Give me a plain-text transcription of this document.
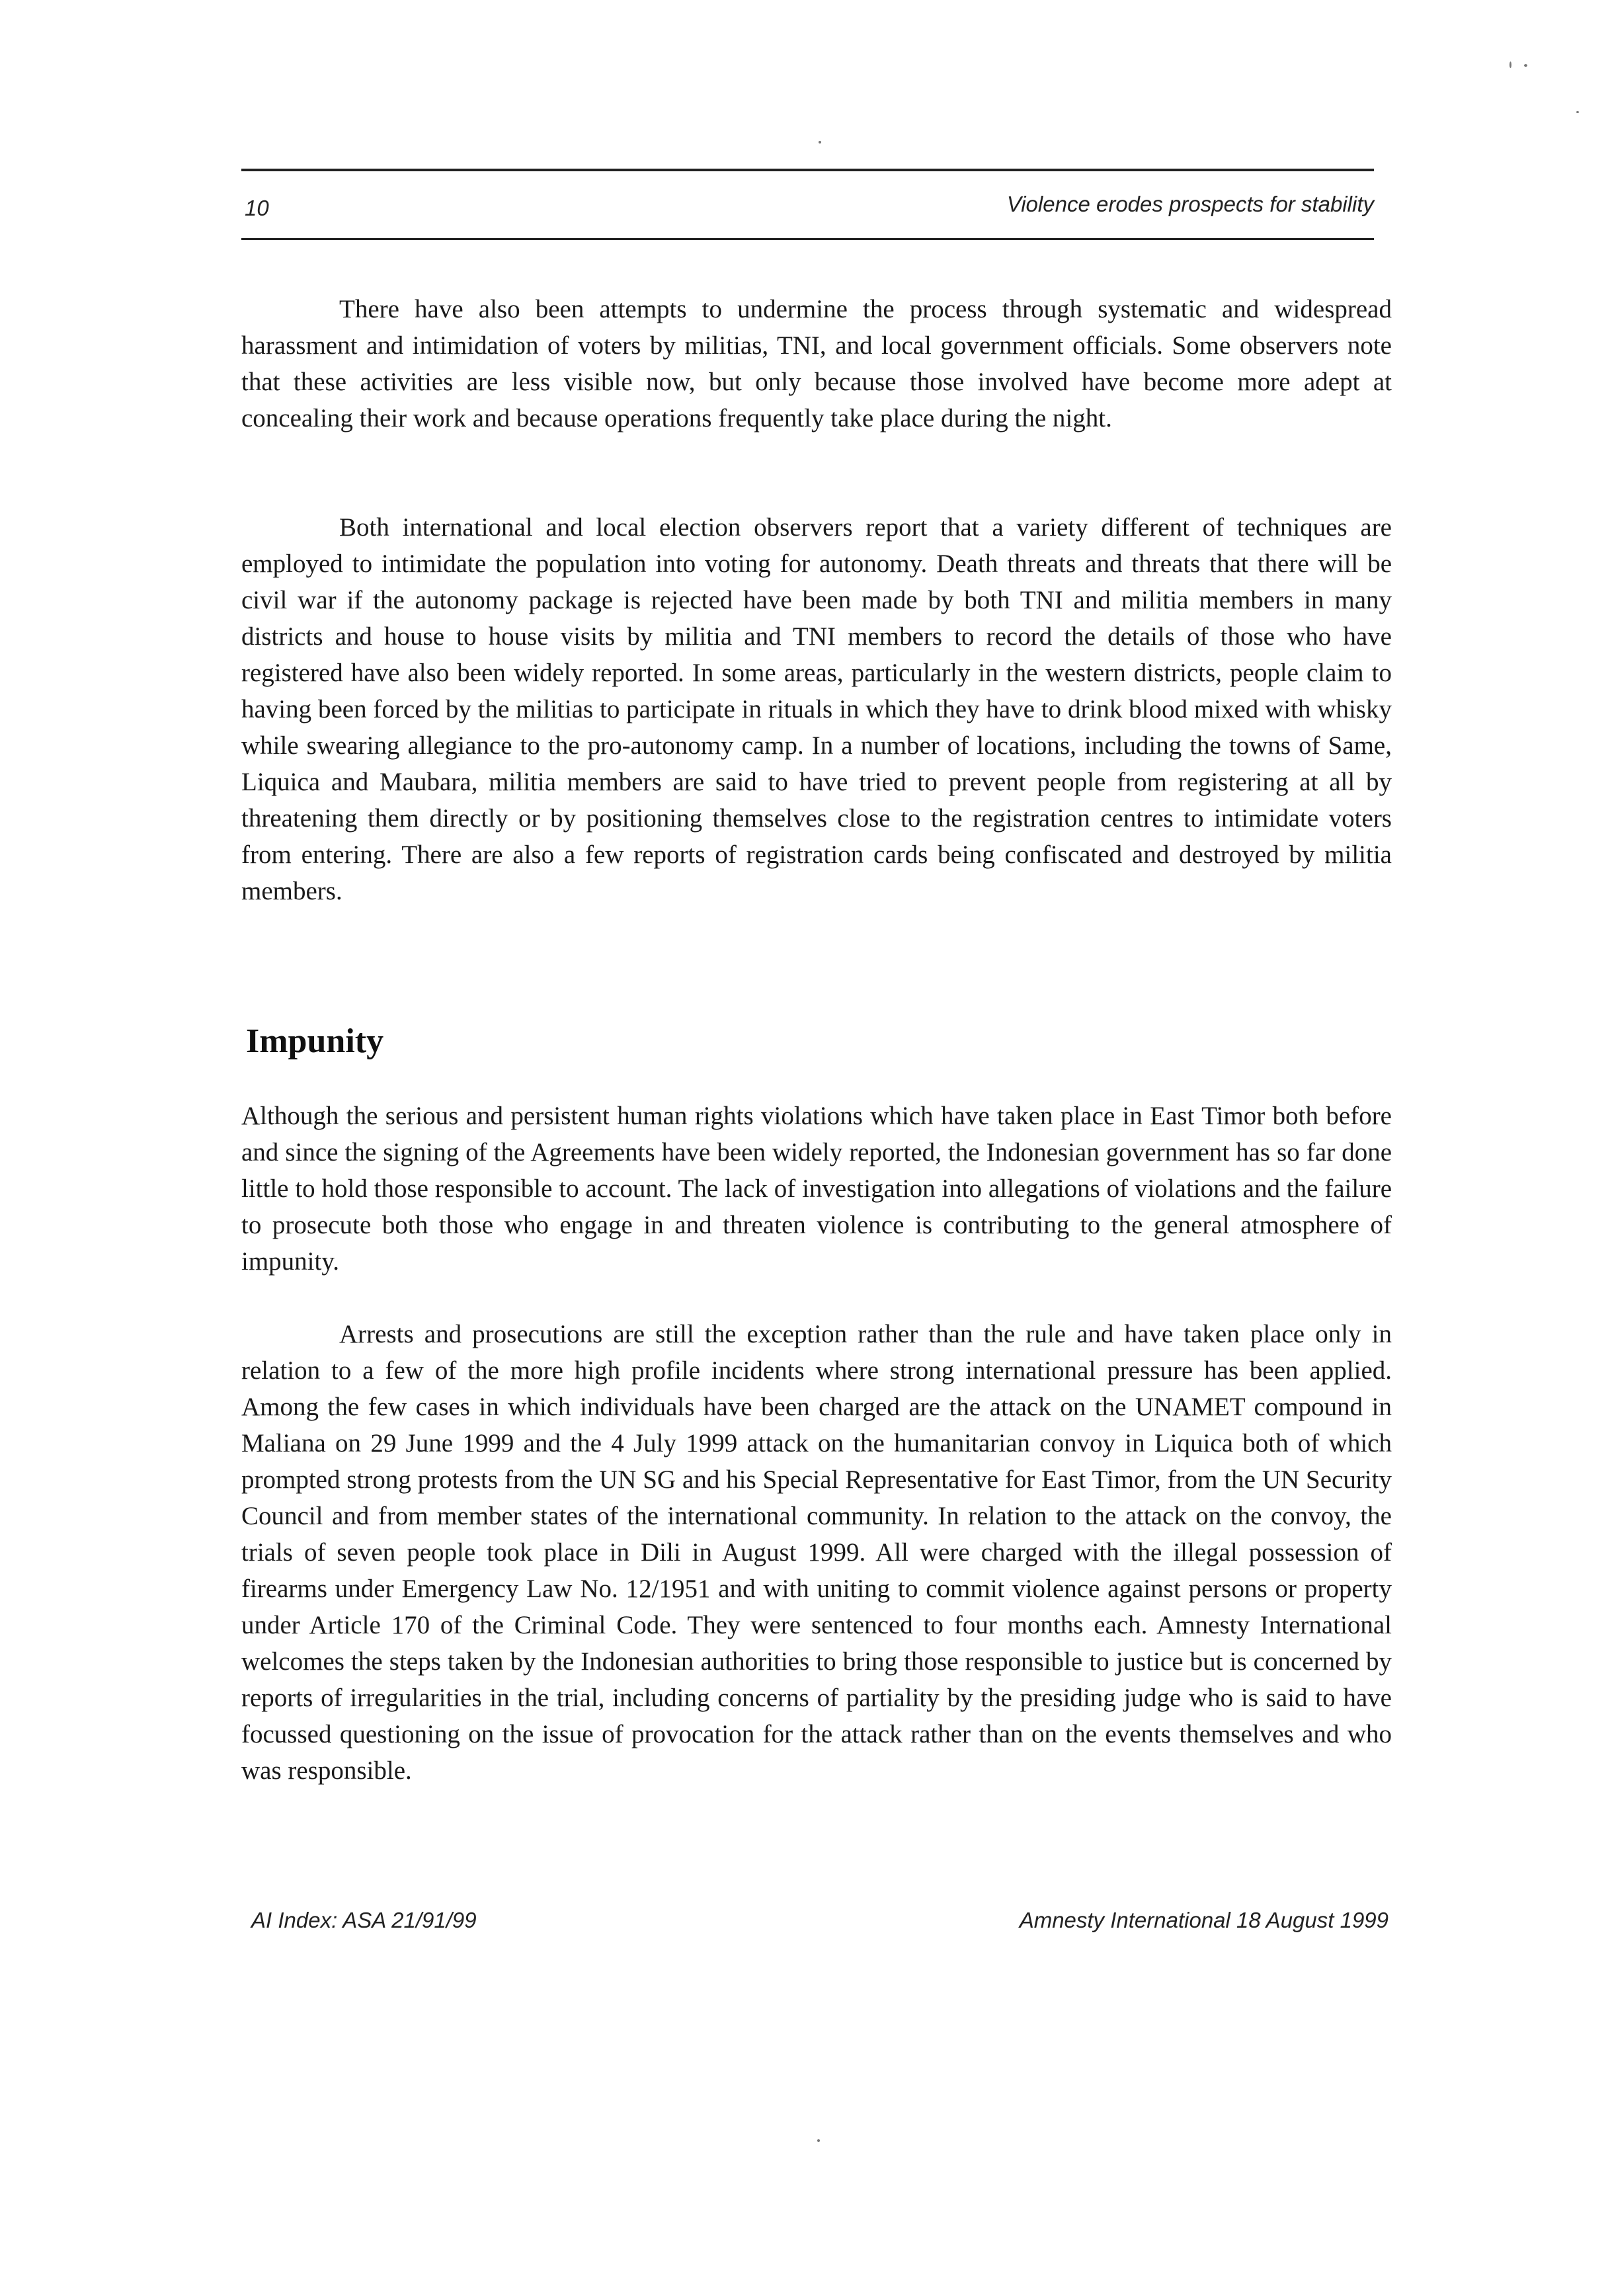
10	Violence erodes prospects for stability

There have also been attempts to undermine the process through systematic and widespread harassment and intimidation of voters by militias, TNI, and local government officials. Some observers note that these activities are less visible now, but only because those involved have become more adept at concealing their work and because operations frequently take place during the night.

Both international and local election observers report that a variety different of techniques are employed to intimidate the population into voting for autonomy. Death threats and threats that there will be civil war if the autonomy package is rejected have been made by both TNI and militia members in many districts and house to house visits by militia and TNI members to record the details of those who have registered have also been widely reported. In some areas, particularly in the western districts, people claim to having been forced by the militias to participate in rituals in which they have to drink blood mixed with whisky while swearing allegiance to the pro-autonomy camp. In a number of locations, including the towns of Same, Liquica and Maubara, militia members are said to have tried to prevent people from registering at all by threatening them directly or by positioning themselves close to the registration centres to intimidate voters from entering. There are also a few reports of registration cards being confiscated and destroyed by militia members.

Impunity

Although the serious and persistent human rights violations which have taken place in East Timor both before and since the signing of the Agreements have been widely reported, the Indonesian government has so far done little to hold those responsible to account. The lack of investigation into allegations of violations and the failure to prosecute both those who engage in and threaten violence is contributing to the general atmosphere of impunity.

Arrests and prosecutions are still the exception rather than the rule and have taken place only in relation to a few of the more high profile incidents where strong international pressure has been applied. Among the few cases in which individuals have been charged are the attack on the UNAMET compound in Maliana on 29 June 1999 and the 4 July 1999 attack on the humanitarian convoy in Liquica both of which prompted strong protests from the UN SG and his Special Representative for East Timor, from the UN Security Council and from member states of the international community. In relation to the attack on the convoy, the trials of seven people took place in Dili in August 1999. All were charged with the illegal possession of firearms under Emergency Law No. 12/1951 and with uniting to commit violence against persons or property under Article 170 of the Criminal Code. They were sentenced to four months each. Amnesty International welcomes the steps taken by the Indonesian authorities to bring those responsible to justice but is concerned by reports of irregularities in the trial, including concerns of partiality by the presiding judge who is said to have focussed questioning on the issue of provocation for the attack rather than on the events themselves and who was responsible.

AI Index: ASA 21/91/99	Amnesty International 18 August 1999
